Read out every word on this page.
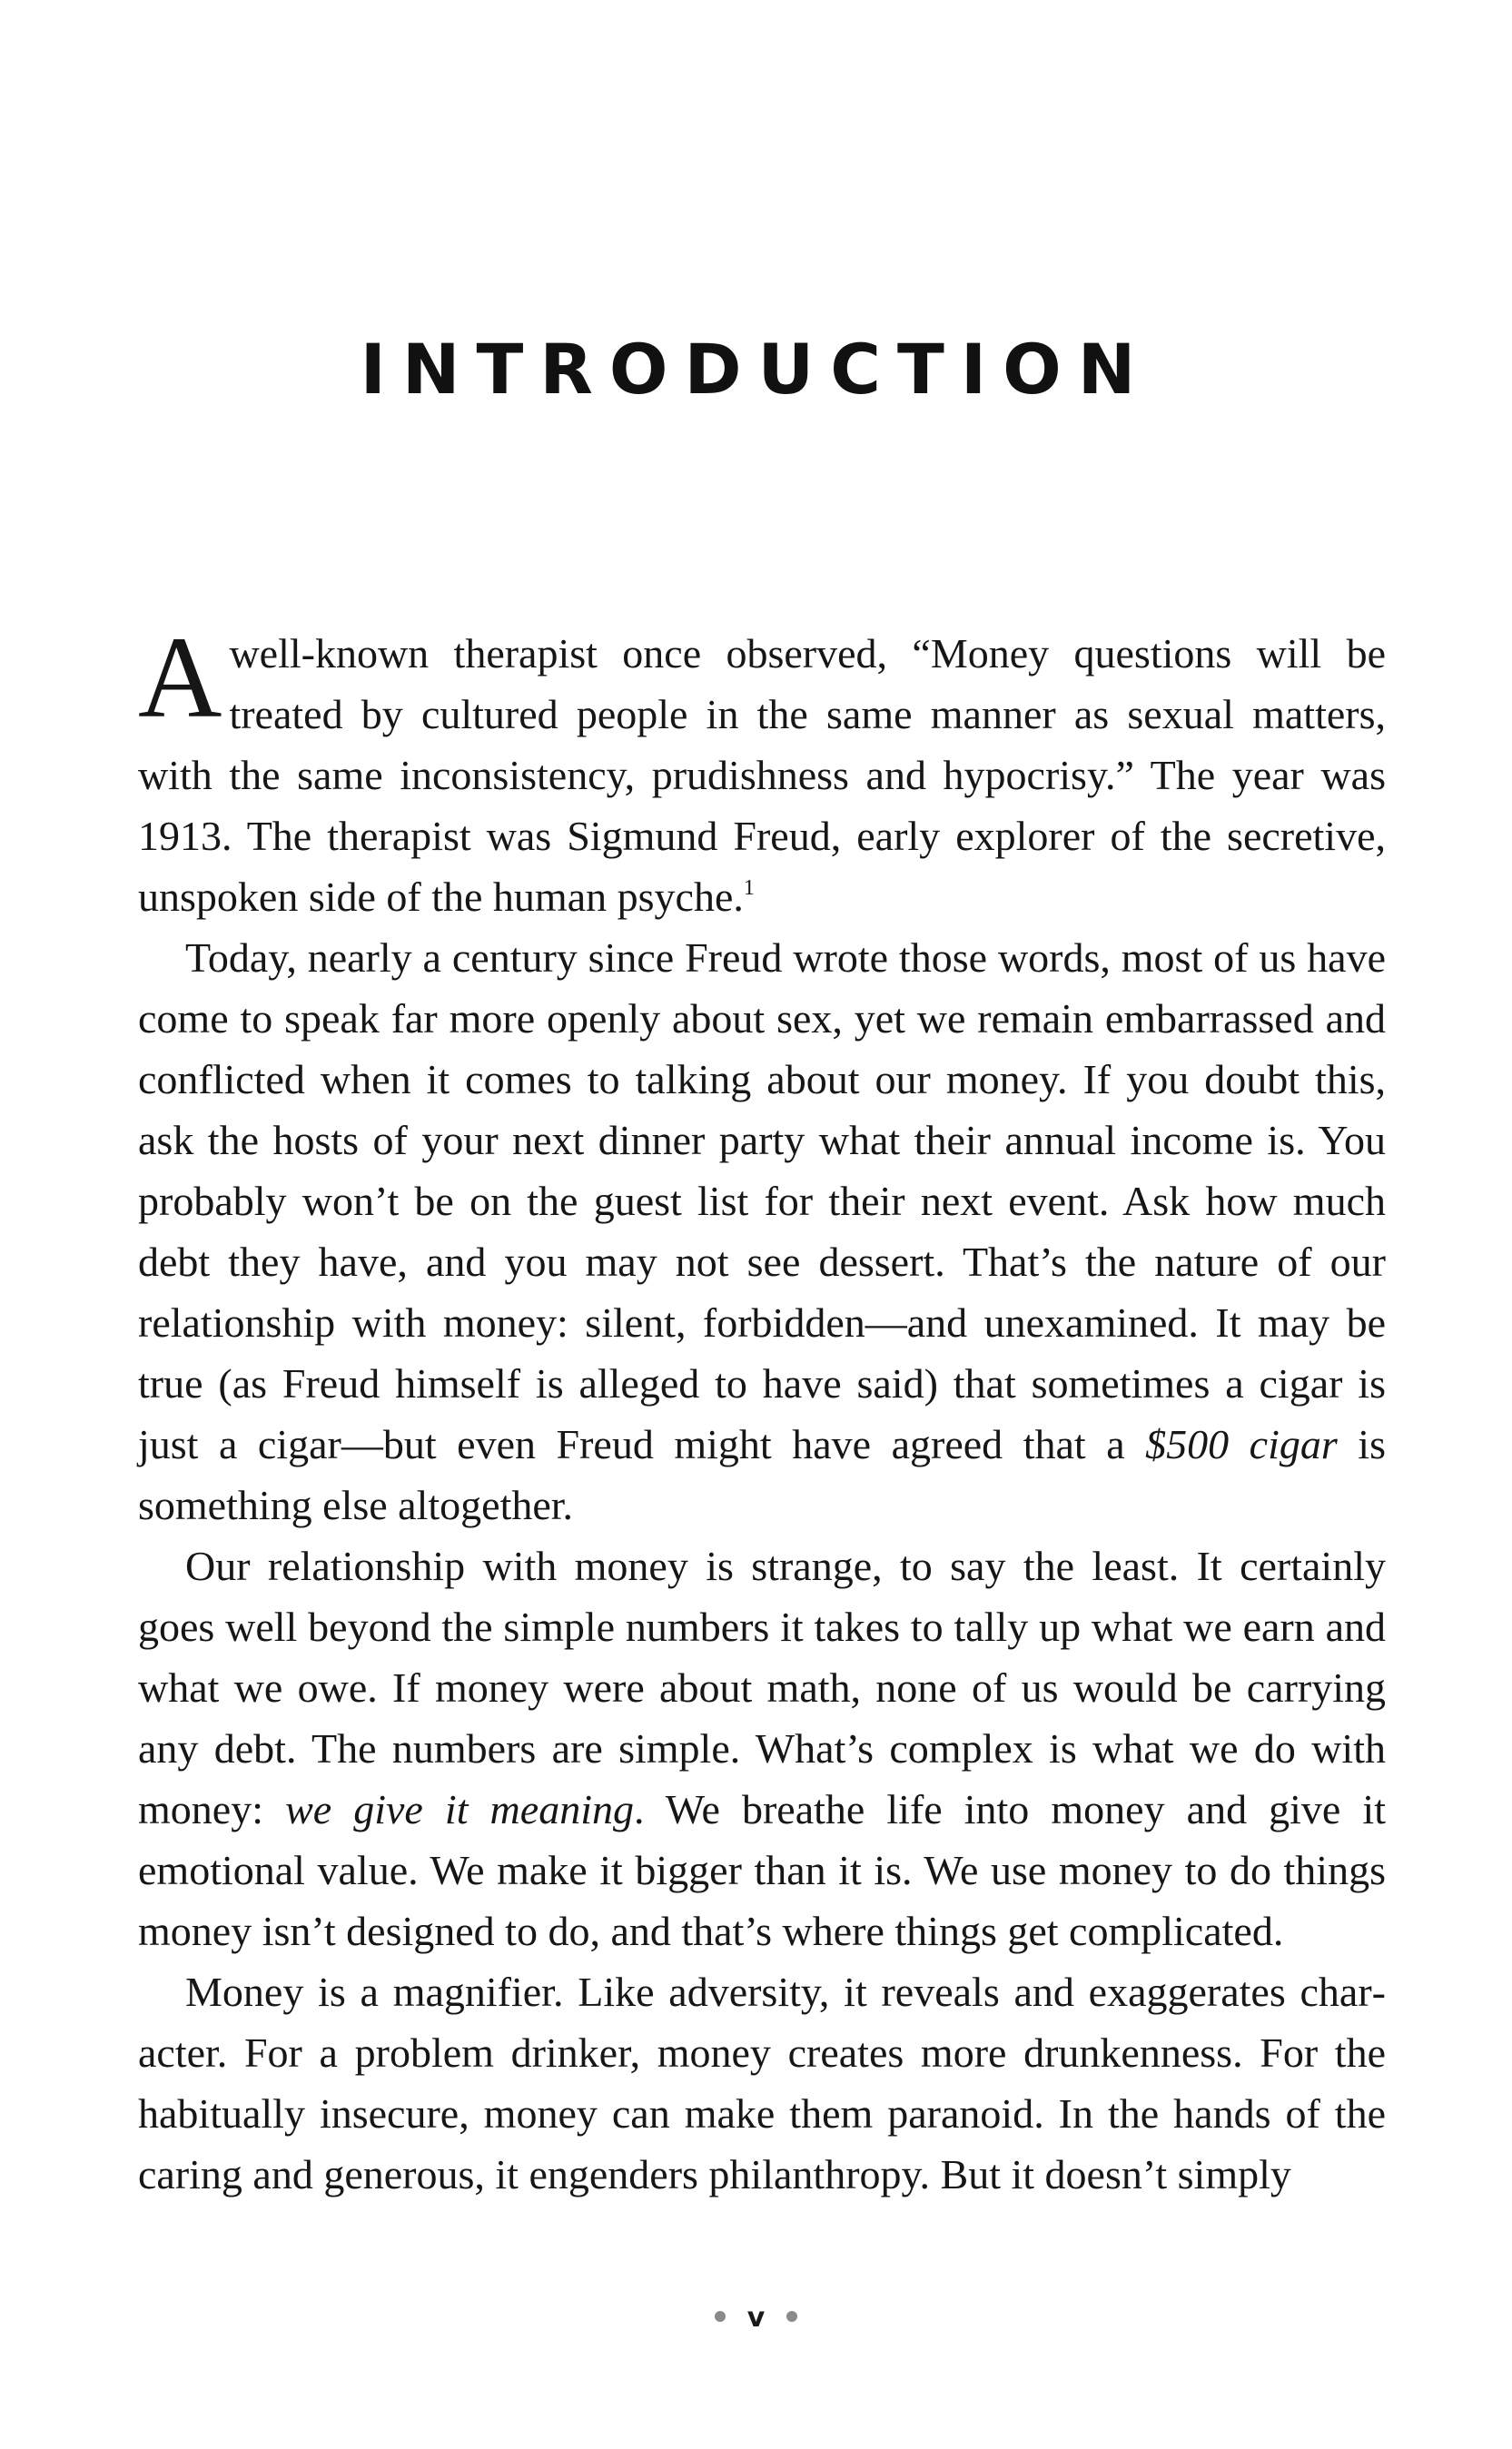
INTRODUCTION

A well-known therapist once observed, “Money questions will be treated by cultured people in the same manner as sexual matters, with the same inconsistency, prudishness and hypocrisy.” The year was 1913. The therapist was Sigmund Freud, early explorer of the secretive, unspoken side of the human psyche.$^1$

Today, nearly a century since Freud wrote those words, most of us have come to speak far more openly about sex, yet we remain embarrassed and conflicted when it comes to talking about our money. If you doubt this, ask the hosts of your next dinner party what their annual income is. You probably won’t be on the guest list for their next event. Ask how much debt they have, and you may not see dessert. That’s the nature of our relationship with money: silent, forbidden—and unexamined. It may be true (as Freud himself is alleged to have said) that sometimes a cigar is just a cigar—but even Freud might have agreed that a $500 cigar is something else altogether.

Our relationship with money is strange, to say the least. It certainly goes well beyond the simple numbers it takes to tally up what we earn and what we owe. If money were about math, none of us would be carrying any debt. The numbers are simple. What’s complex is what we do with money: we give it meaning. We breathe life into money and give it emotional value. We make it bigger than it is. We use money to do things money isn’t designed to do, and that’s where things get complicated.

Money is a magnifier. Like adversity, it reveals and exaggerates character. For a problem drinker, money creates more drunkenness. For the habitually insecure, money can make them paranoid. In the hands of the caring and generous, it engenders philanthropy. But it doesn’t simply

v
